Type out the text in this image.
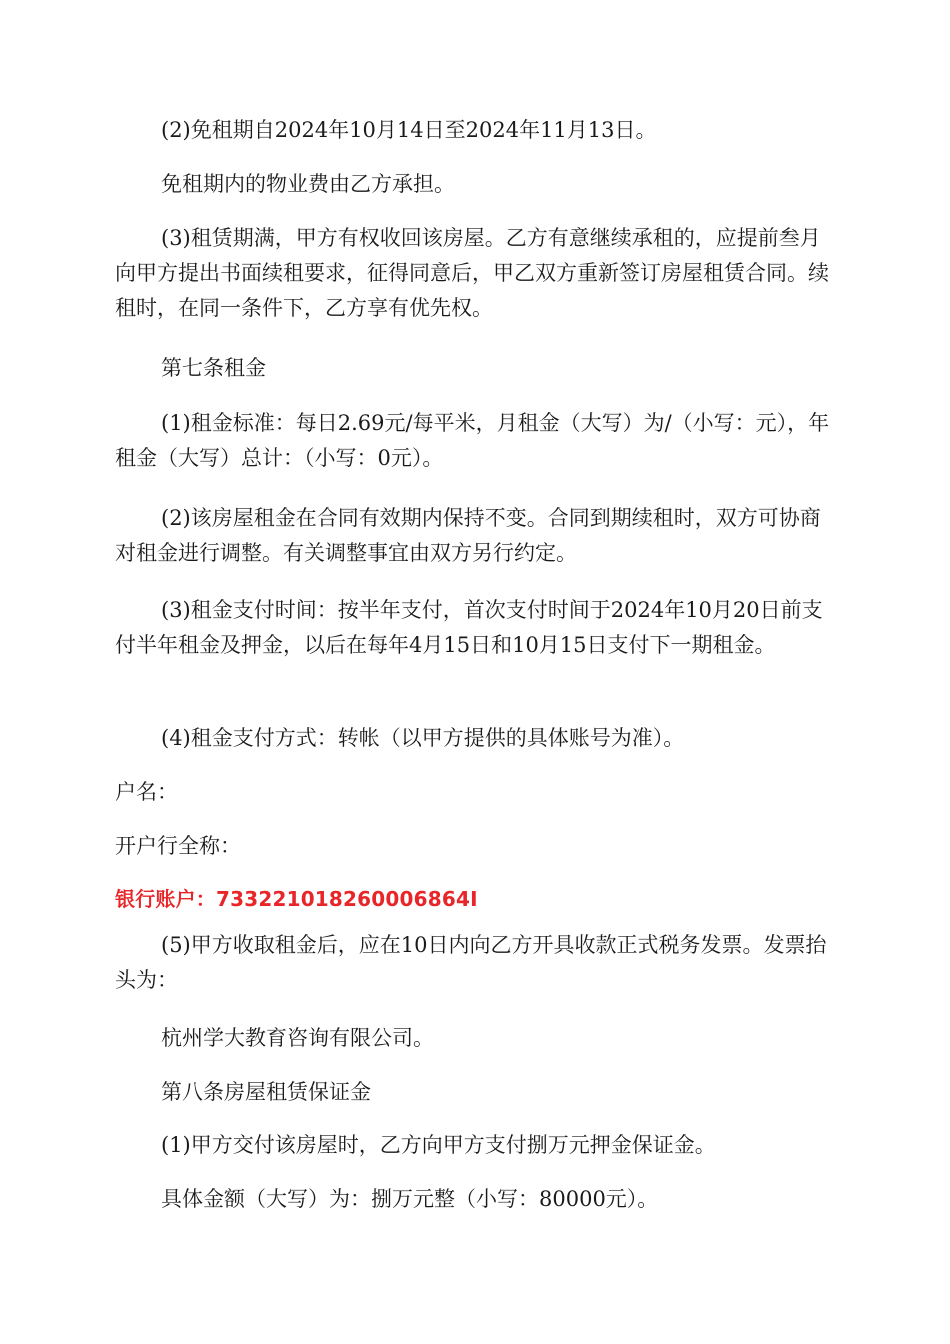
(2)免租期自2024年10月14日至2024年11月13日。

免租期内的物业费由乙方承担。

(3)租赁期满，甲方有权收回该房屋。乙方有意继续承租的，应提前叁月向甲方提出书面续租要求，征得同意后，甲乙双方重新签订房屋租赁合同。续租时，在同一条件下，乙方享有优先权。

第七条租金

(1)租金标准：每日2.69元/每平米，月租金（大写）为/（小写：元），年租金（大写）总计：（小写：0元）。

(2)该房屋租金在合同有效期内保持不变。合同到期续租时，双方可协商对租金进行调整。有关调整事宜由双方另行约定。

(3)租金支付时间：按半年支付，首次支付时间于2024年10月20日前支付半年租金及押金，以后在每年4月15日和10月15日支付下一期租金。

(4)租金支付方式：转帐（以甲方提供的具体账号为准）。

户名：

开户行全称：

银行账户：733221018260006864I

(5)甲方收取租金后，应在10日内向乙方开具收款正式税务发票。发票抬头为：

杭州学大教育咨询有限公司。

第八条房屋租赁保证金

(1)甲方交付该房屋时，乙方向甲方支付捌万元押金保证金。

具体金额（大写）为：捌万元整（小写：80000元）。
